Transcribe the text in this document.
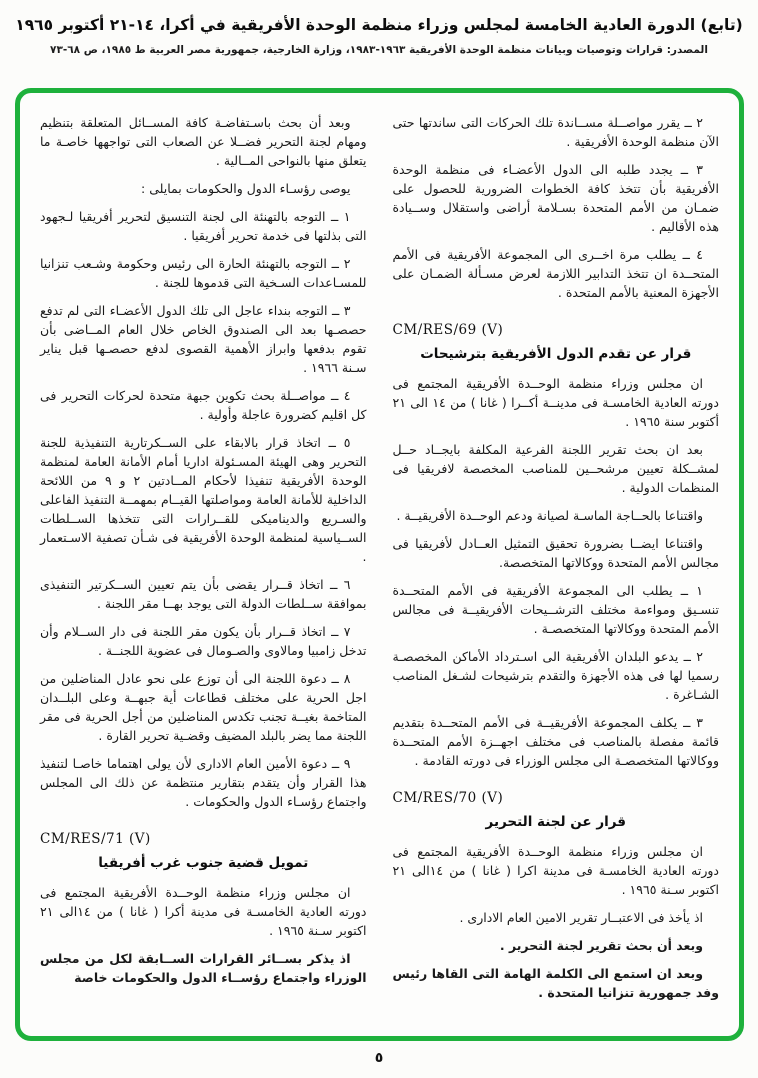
(تابع) الدورة العادية الخامسة لمجلس وزراء منظمة الوحدة الأفريقية في أكرا، ١٤-٢١ أكتوبر ١٩٦٥
المصدر: قرارات وتوصيات وبيانات منظمة الوحدة الأفريقية ١٩٦٣-١٩٨٣، وزارة الخارجية، جمهورية مصر العربية ط ١٩٨٥، ص ٦٨-٧٣
٢ ــ يقرر مواصــلة مســاندة تلك الحركات التى ساندتها حتى الآن منظمة الوحدة الأفريقية .
٣ ــ يجدد طلبه الى الدول الأعضـاء فى منظمة الوحدة الأفريقية بأن تتخذ كافة الخطوات الضرورية للحصول على ضمـان من الأمم المتحدة بسـلامة أراضى واستقلال وســيادة هذه الأقاليم .
٤ ــ يطلب مرة اخــرى الى المجموعة الأفريقية فى الأمم المتحــدة ان تتخذ التدابير اللازمة لعرض مسـألة الضمـان على الأجهزة المعنية بالأمم المتحدة .
CM/RES/69 (V)
قرار عن تقدم الدول الأفريقية بترشيحات
ان مجلس وزراء منظمة الوحــدة الأفريقية المجتمع فى دورته العادية الخامسـة فى مدينــة أكــرا ( غانا ) من ١٤ الى ٢١ أكتوبر سنة ١٩٦٥ .
بعد ان بحث تقرير اللجنة الفرعية المكلفة بايجــاد حــل لمشــكلة تعيين مرشحــين للمناصب المخصصة لافريقيا فى المنظمات الدولية .
واقتناعا بالحــاجة الماسـة لصيانة ودعم الوحــدة الأفريقيــة .
واقتناعا ايضــا بضرورة تحقيق التمثيل العــادل لأفريقيا فى مجالس الأمم المتحدة ووكالاتها المتخصصة.
١ ــ يطلب الى المجموعة الأفريقية فى الأمم المتحــدة تنسـيق ومواءمة مختلف الترشــيحات الأفريقيــة فى مجالس الأمم المتحدة ووكالاتها المتخصصـة .
٢ ــ يدعو البلدان الأفريقية الى اسـترداد الأماكن المخصصـة رسميا لها فى هذه الأجهزة والتقدم بترشيحات لشـغل المناصب الشـاغرة .
٣ ــ يكلف المجموعة الأفريقيــة فى الأمم المتحــدة بتقديم قائمة مفصلة بالمناصب فى مختلف اجهــزة الأمم المتحــدة ووكالاتها المتخصصـة الى مجلس الوزراء فى دورته القادمة .
CM/RES/70 (V)
قرار عن لجنة التحرير
ان مجلس وزراء منظمة الوحــدة الأفريقية المجتمع فى دورته العادية الخامسـة فى مدينة اكرا ( غانا ) من ١٤الى ٢١ اكتوبر سـنة ١٩٦٥ .
اذ يأخذ فى الاعتبــار تقرير الامين العام الادارى .
وبعد أن بحث تقرير لجنة التحرير .
وبعد ان استمع الى الكلمة الهامة التى القاها رئيس وفد جمهورية تنزانيا المتحدة .
وبعد أن بحث باسـتفاضـة كافة المســائل المتعلقة بتنظيم ومهام لجنة التحرير فضــلا عن الصعاب التى تواجهها خاصـة ما يتعلق منها بالنواحى المــالية .
يوصى رؤسـاء الدول والحكومات بمايلى :
١ ــ التوجه بالتهنئة الى لجنة التنسيق لتحرير أفريقيا لـجهود التى بذلتها فى خدمة تحرير أفريقيا .
٢ ــ التوجه بالتهنئة الحارة الى رئيس وحكومة وشـعب تنزانيا للمسـاعدات السـخية التى قدموها للجنة .
٣ ــ التوجه بنداء عاجل الى تلك الدول الأعضـاء التى لم تدفع حصصـها بعد الى الصندوق الخاص خلال العام المــاضى بأن تقوم بدفعها وابراز الأهمية القصوى لدفع حصصـها قبل يناير سـنة ١٩٦٦ .
٤ ــ مواصــلة بحث تكوين جبهة متحدة لحركات التحرير فى كل اقليم كضرورة عاجلة وأولية .
٥ ــ اتخاذ قرار بالابقاء على الســكرتارية التنفيذية للجنة التحرير وهى الهيئة المسـئولة اداريا أمام الأمانة العامة لمنظمة الوحدة الأفريقية تنفيذا لأحكام المــادتين ٢ و ٩ من اللائحة الداخلية للأمانة العامة ومواصلتها القيــام بمهمــة التنفيذ الفاعلى والسـريع والديناميكى للقــرارات التى تتخذها الســلطات الســياسية لمنظمة الوحدة الأفريقية فى شـأن تصفية الاسـتعمار .
٦ ــ اتخاذ قــرار يقضى بأن يتم تعيين الســكرتير التنفيذى بموافقة ســلطات الدولة التى يوجد بهــا مقر اللجنة .
٧ ــ اتخاذ قــرار بأن يكون مقر اللجنة فى دار الســلام وأن تدخل زامبيا ومالاوى والصـومال فى عضوية اللجنــة .
٨ ــ دعوة اللجنة الى أن توزع على نحو عادل المناضلين من اجل الحرية على مختلف قطاعات أية جبهــة وعلى البلــدان المتاخمة بغيــة تجنب تكدس المناضلين من أجل الحرية فى مقر اللجنة مما يضر بالبلد المضيف وقضـية تحرير القارة .
٩ ــ دعوة الأمين العام الادارى لأن يولى اهتماما خاصـا لتنفيذ هذا القرار وأن يتقدم بتقارير منتظمة عن ذلك الى المجلس واجتماع رؤسـاء الدول والحكومات .
CM/RES/71 (V)
تمويل قضية جنوب غرب أفريقيا
ان مجلس وزراء منظمة الوحــدة الأفريقية المجتمع فى دورته العادية الخامسـة فى مدينة أكرا ( غانا ) من ١٤الى ٢١ اكتوبر سـنة ١٩٦٥ .
اذ يذكر بســائر القرارات الســابقة لكل من مجلس الوزراء واجتماع رؤســاء الدول والحكومات خاصة
٥
